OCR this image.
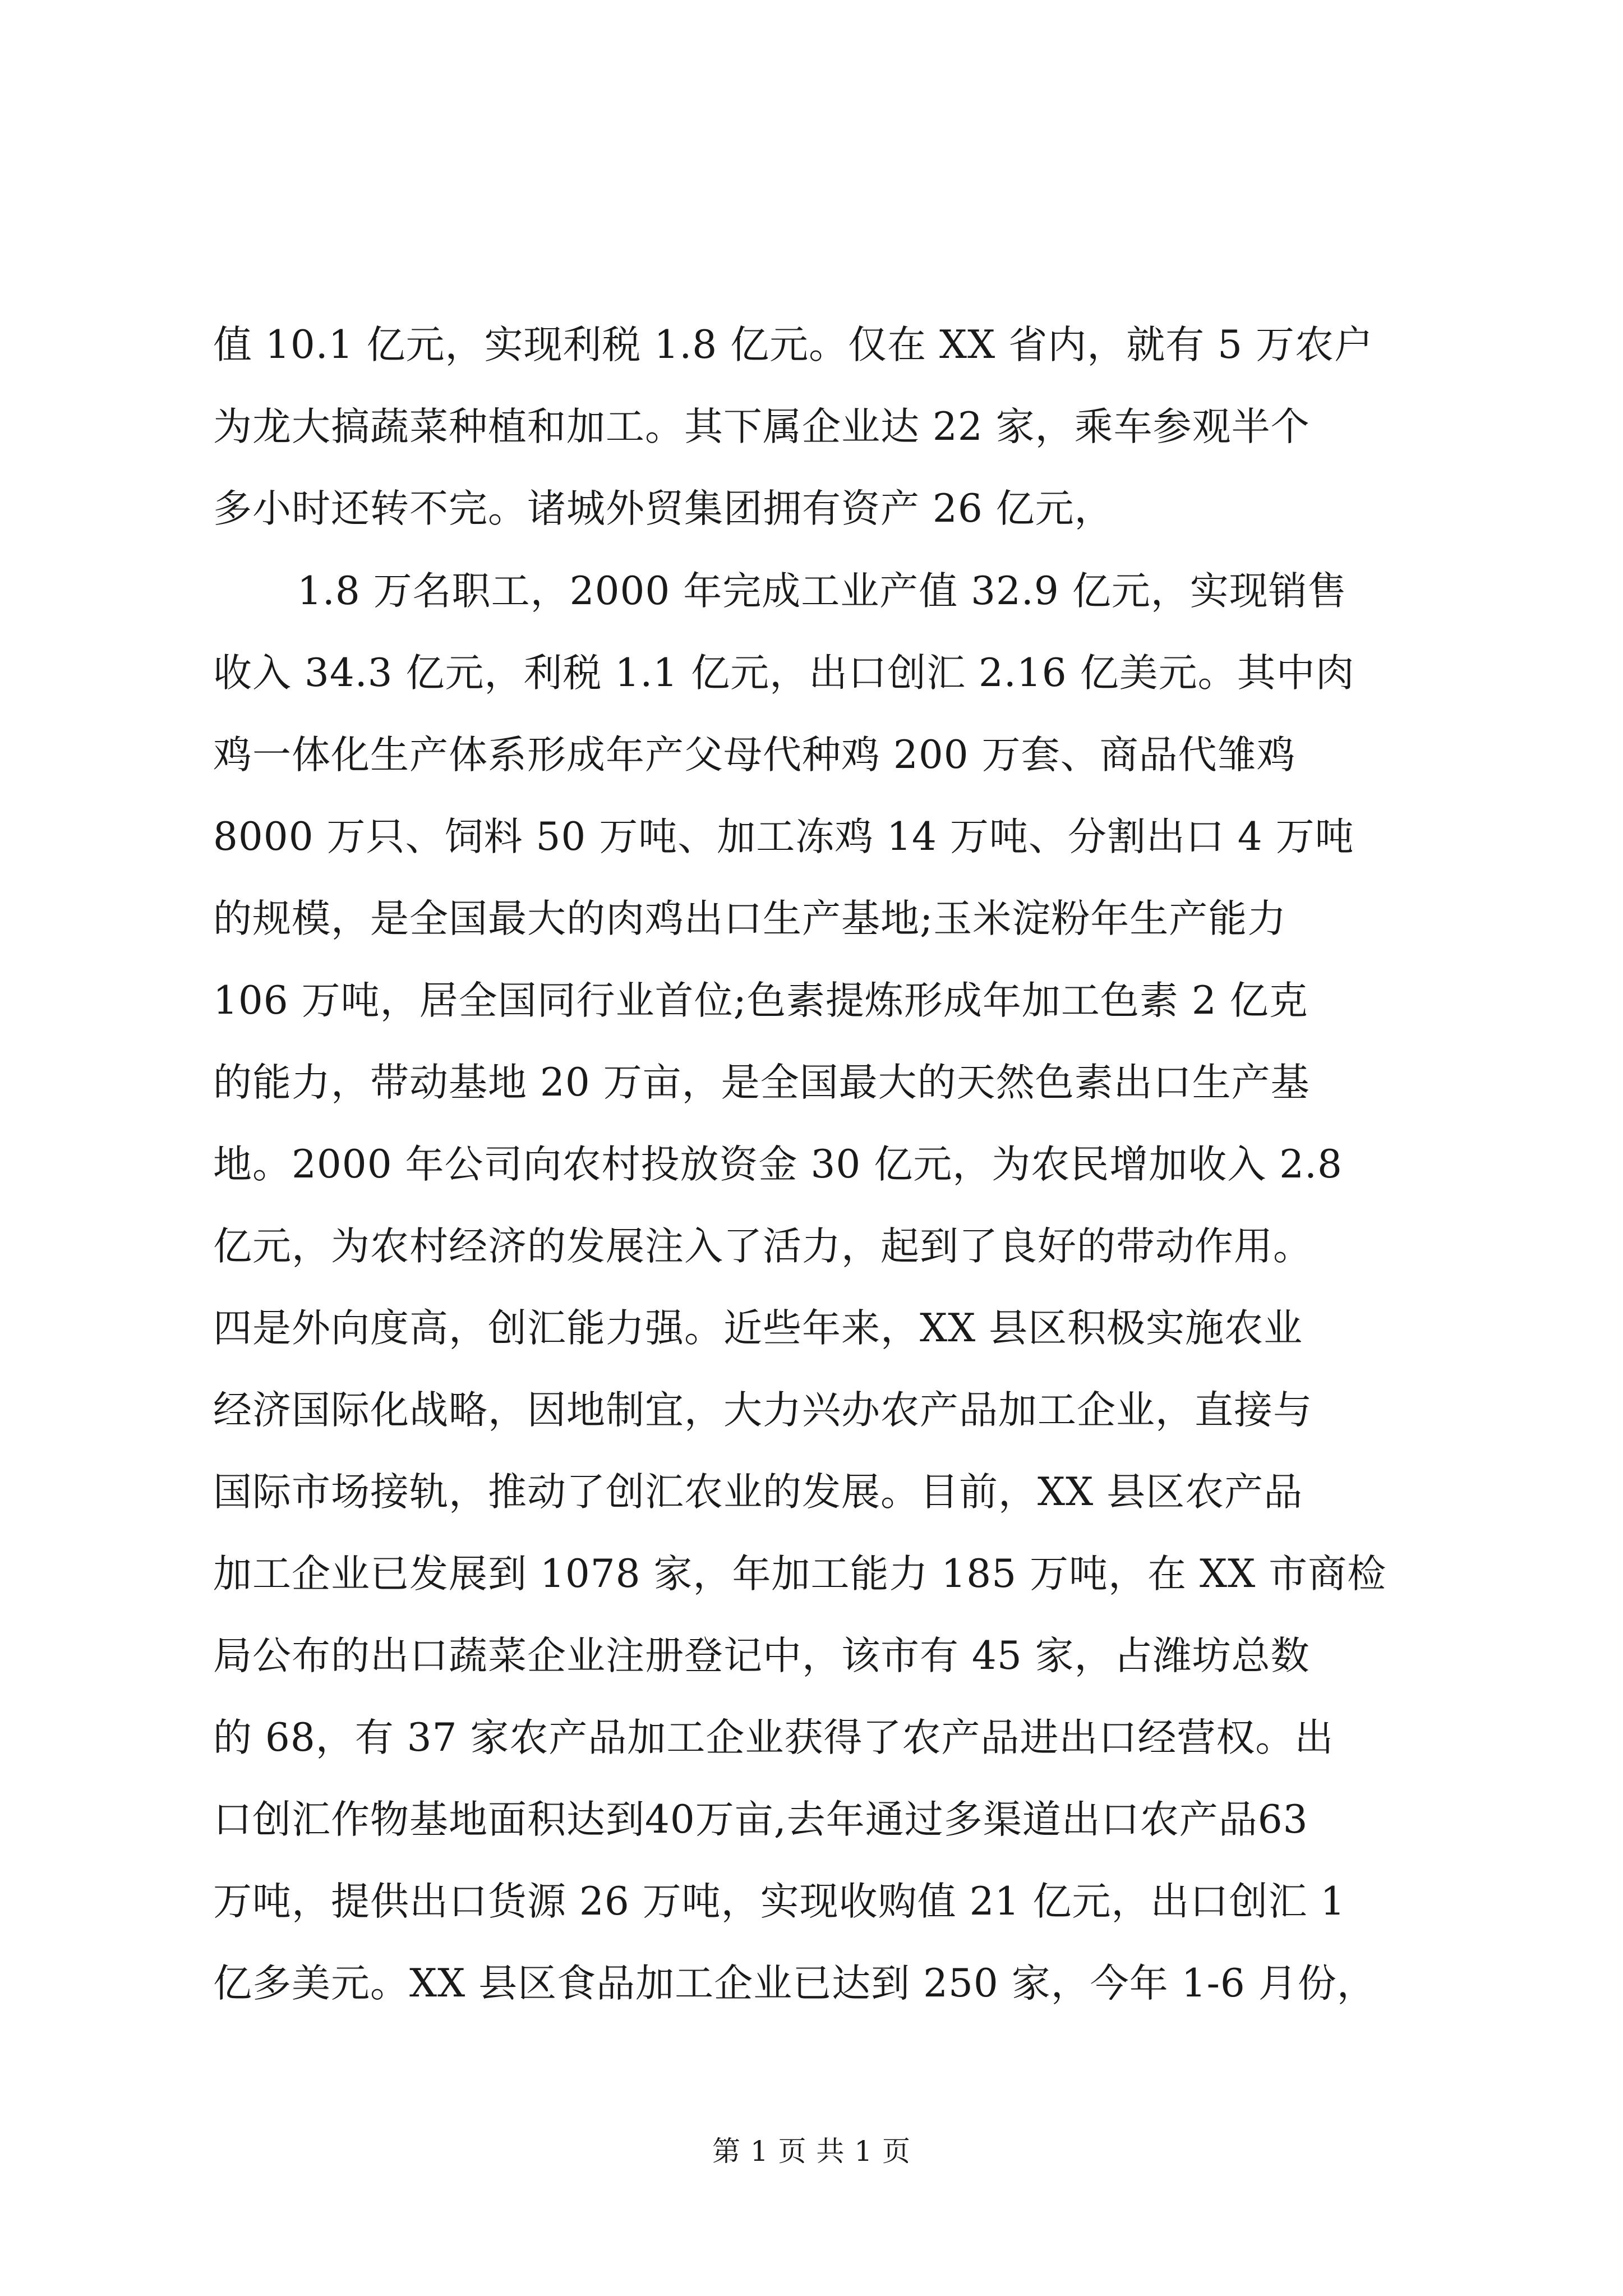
值 10.1 亿元，实现利税 1.8 亿元。仅在 XX 省内，就有 5 万农户
为龙大搞蔬菜种植和加工。其下属企业达 22 家，乘车参观半个
多小时还转不完。诸城外贸集团拥有资产 26 亿元，
1.8 万名职工，2000 年完成工业产值 32.9 亿元，实现销售
收入 34.3 亿元，利税 1.1 亿元，出口创汇 2.16 亿美元。其中肉
鸡一体化生产体系形成年产父母代种鸡 200 万套、商品代雏鸡
8000 万只、饲料 50 万吨、加工冻鸡 14 万吨、分割出口 4 万吨
的规模，是全国最大的肉鸡出口生产基地;玉米淀粉年生产能力
106 万吨，居全国同行业首位;色素提炼形成年加工色素 2 亿克
的能力，带动基地 20 万亩，是全国最大的天然色素出口生产基
地。2000 年公司向农村投放资金 30 亿元，为农民增加收入 2.8
亿元，为农村经济的发展注入了活力，起到了良好的带动作用。
四是外向度高，创汇能力强。近些年来，XX 县区积极实施农业
经济国际化战略，因地制宜，大力兴办农产品加工企业，直接与
国际市场接轨，推动了创汇农业的发展。目前，XX 县区农产品
加工企业已发展到 1078 家，年加工能力 185 万吨，在 XX 市商检
局公布的出口蔬菜企业注册登记中，该市有 45 家，占潍坊总数
的 68，有 37 家农产品加工企业获得了农产品进出口经营权。出
口创汇作物基地面积达到40万亩,去年通过多渠道出口农产品63
万吨，提供出口货源 26 万吨，实现收购值 21 亿元，出口创汇 1
亿多美元。XX 县区食品加工企业已达到 250 家，今年 1-6 月份，
第 1 页 共 1 页
